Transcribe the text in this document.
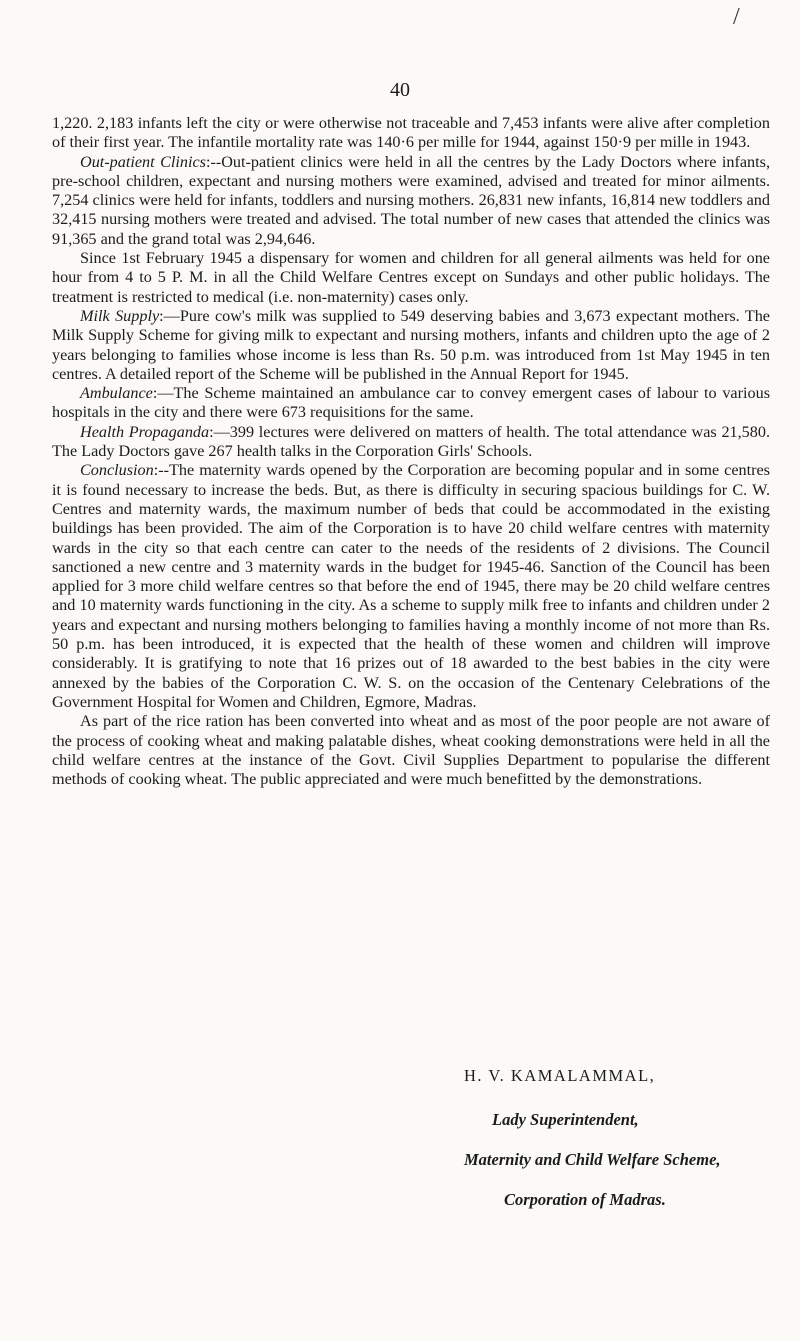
/
40

1,220. 2,183 infants left the city or were otherwise not traceable and 7,453 infants were alive after completion of their first year. The infantile mortality rate was 140·6 per mille for 1944, against 150·9 per mille in 1943.

Out-patient Clinics:--Out-patient clinics were held in all the centres by the Lady Doctors where infants, pre-school children, expectant and nursing mothers were examined, advised and treated for minor ailments. 7,254 clinics were held for infants, toddlers and nursing mothers. 26,831 new infants, 16,814 new toddlers and 32,415 nursing mothers were treated and advised. The total number of new cases that attended the clinics was 91,365 and the grand total was 2,94,646.

Since 1st February 1945 a dispensary for women and children for all general ailments was held for one hour from 4 to 5 P. M. in all the Child Welfare Centres except on Sundays and other public holidays. The treatment is restricted to medical (i.e. non-maternity) cases only.

Milk Supply:—Pure cow's milk was supplied to 549 deserving babies and 3,673 expectant mothers. The Milk Supply Scheme for giving milk to expectant and nursing mothers, infants and children upto the age of 2 years belonging to families whose income is less than Rs. 50 p.m. was introduced from 1st May 1945 in ten centres. A detailed report of the Scheme will be published in the Annual Report for 1945.

Ambulance:—The Scheme maintained an ambulance car to convey emergent cases of labour to various hospitals in the city and there were 673 requisitions for the same.

Health Propaganda:—399 lectures were delivered on matters of health. The total attendance was 21,580. The Lady Doctors gave 267 health talks in the Corporation Girls' Schools.

Conclusion:--The maternity wards opened by the Corporation are becoming popular and in some centres it is found necessary to increase the beds. But, as there is difficulty in securing spacious buildings for C. W. Centres and maternity wards, the maximum number of beds that could be accommodated in the existing buildings has been provided. The aim of the Corporation is to have 20 child welfare centres with maternity wards in the city so that each centre can cater to the needs of the residents of 2 divisions. The Council sanctioned a new centre and 3 maternity wards in the budget for 1945-46. Sanction of the Council has been applied for 3 more child welfare centres so that before the end of 1945, there may be 20 child welfare centres and 10 maternity wards functioning in the city. As a scheme to supply milk free to infants and children under 2 years and expectant and nursing mothers belonging to families having a monthly income of not more than Rs. 50 p.m. has been introduced, it is expected that the health of these women and children will improve considerably. It is gratifying to note that 16 prizes out of 18 awarded to the best babies in the city were annexed by the babies of the Corporation C. W. S. on the occasion of the Centenary Celebrations of the Government Hospital for Women and Children, Egmore, Madras.

As part of the rice ration has been converted into wheat and as most of the poor people are not aware of the process of cooking wheat and making palatable dishes, wheat cooking demonstrations were held in all the child welfare centres at the instance of the Govt. Civil Supplies Department to popularise the different methods of cooking wheat. The public appreciated and were much benefitted by the demonstrations.

H. V. KAMALAMMAL,
Lady Superintendent,
Maternity and Child Welfare Scheme,
Corporation of Madras.
